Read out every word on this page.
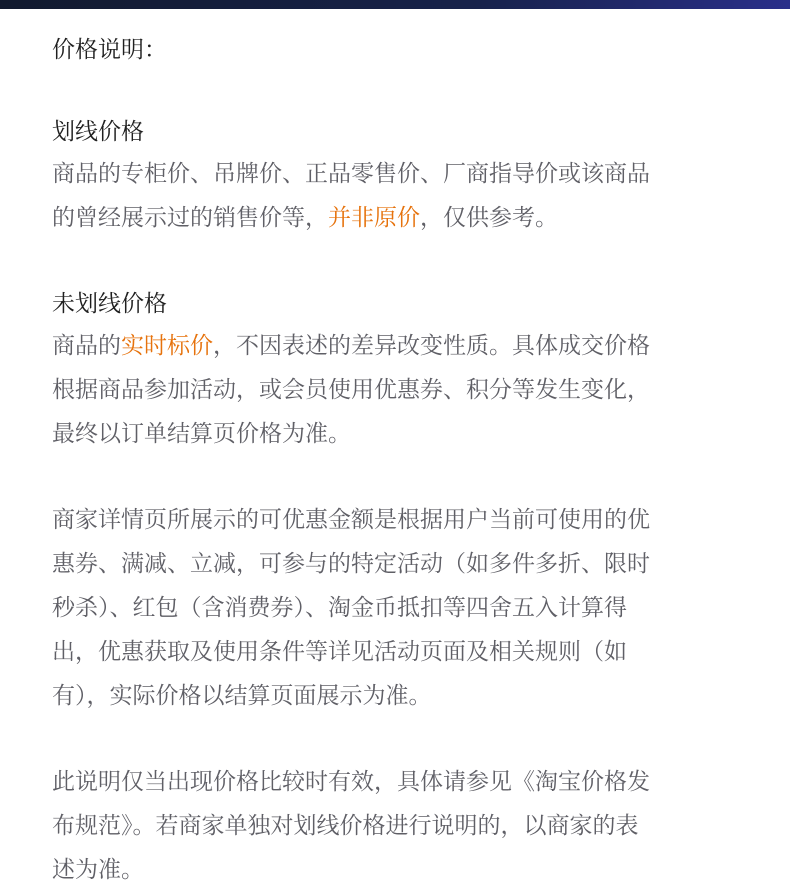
价格说明：

划线价格

商品的专柜价、吊牌价、正品零售价、厂商指导价或该商品

的曾经展示过的销售价等，并非原价，仅供参考。

未划线价格

商品的实时标价，不因表述的差异改变性质。具体成交价格

根据商品参加活动，或会员使用优惠券、积分等发生变化，

最终以订单结算页价格为准。

商家详情页所展示的可优惠金额是根据用户当前可使用的优

惠券、满减、立减，可参与的特定活动（如多件多折、限时

秒杀）、红包（含消费券）、淘金币抵扣等四舍五入计算得

出，优惠获取及使用条件等详见活动页面及相关规则（如

有），实际价格以结算页面展示为准。

此说明仅当出现价格比较时有效，具体请参见《淘宝价格发

布规范》。若商家单独对划线价格进行说明的，以商家的表

述为准。
